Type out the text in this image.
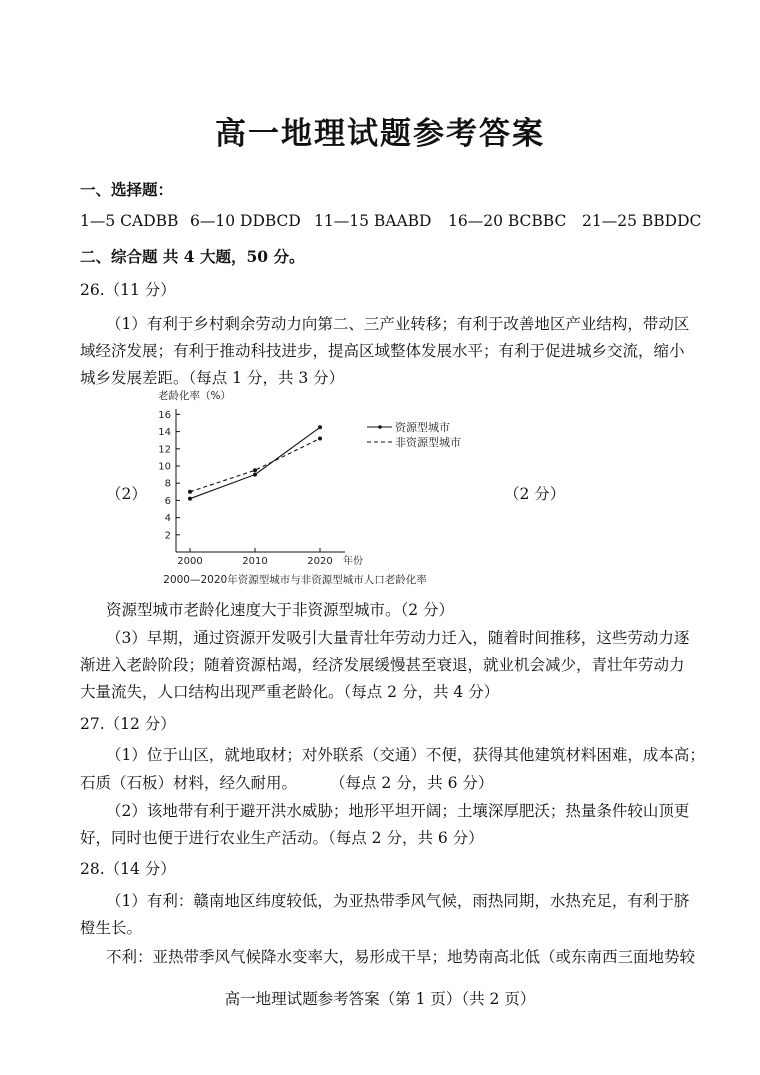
高一地理试题参考答案
一、选择题：
1—5 CADBB 6—10 DDBCD 11—15 BAABD 16—20 BCBBC 21—25 BBDDC
二、综合题 共 4 大题，50 分。
26.（11 分）
（1）有利于乡村剩余劳动力向第二、三产业转移；有利于改善地区产业结构，带动区
域经济发展；有利于推动科技进步，提高区域整体发展水平；有利于促进城乡交流，缩小
城乡发展差距。（每点 1 分，共 3 分）
（2）	（2 分）
老龄化率（%）
年份
2000—2020年资源型城市与非资源型城市人口老龄化率
2
4
6
8
10
12
14
16
2000	2010	2020
资源型城市
非资源型城市
资源型城市老龄化速度大于非资源型城市。（2 分）
（3）早期，通过资源开发吸引大量青壮年劳动力迁入，随着时间推移，这些劳动力逐
渐进入老龄阶段；随着资源枯竭，经济发展缓慢甚至衰退，就业机会减少，青壮年劳动力
大量流失，人口结构出现严重老龄化。（每点 2 分，共 4 分）
27.（12 分）
（1）位于山区，就地取材；对外联系（交通）不便，获得其他建筑材料困难，成本高；
石质（石板）材料，经久耐用。 （每点 2 分，共 6 分）
（2）该地带有利于避开洪水威胁；地形平坦开阔；土壤深厚肥沃；热量条件较山顶更
好，同时也便于进行农业生产活动。（每点 2 分，共 6 分）
28.（14 分）
（1）有利：赣南地区纬度较低，为亚热带季风气候，雨热同期，水热充足，有利于脐
橙生长。
不利：亚热带季风气候降水变率大，易形成干旱；地势南高北低（或东南西三面地势较
高一地理试题参考答案（第 1 页）（共 2 页）
